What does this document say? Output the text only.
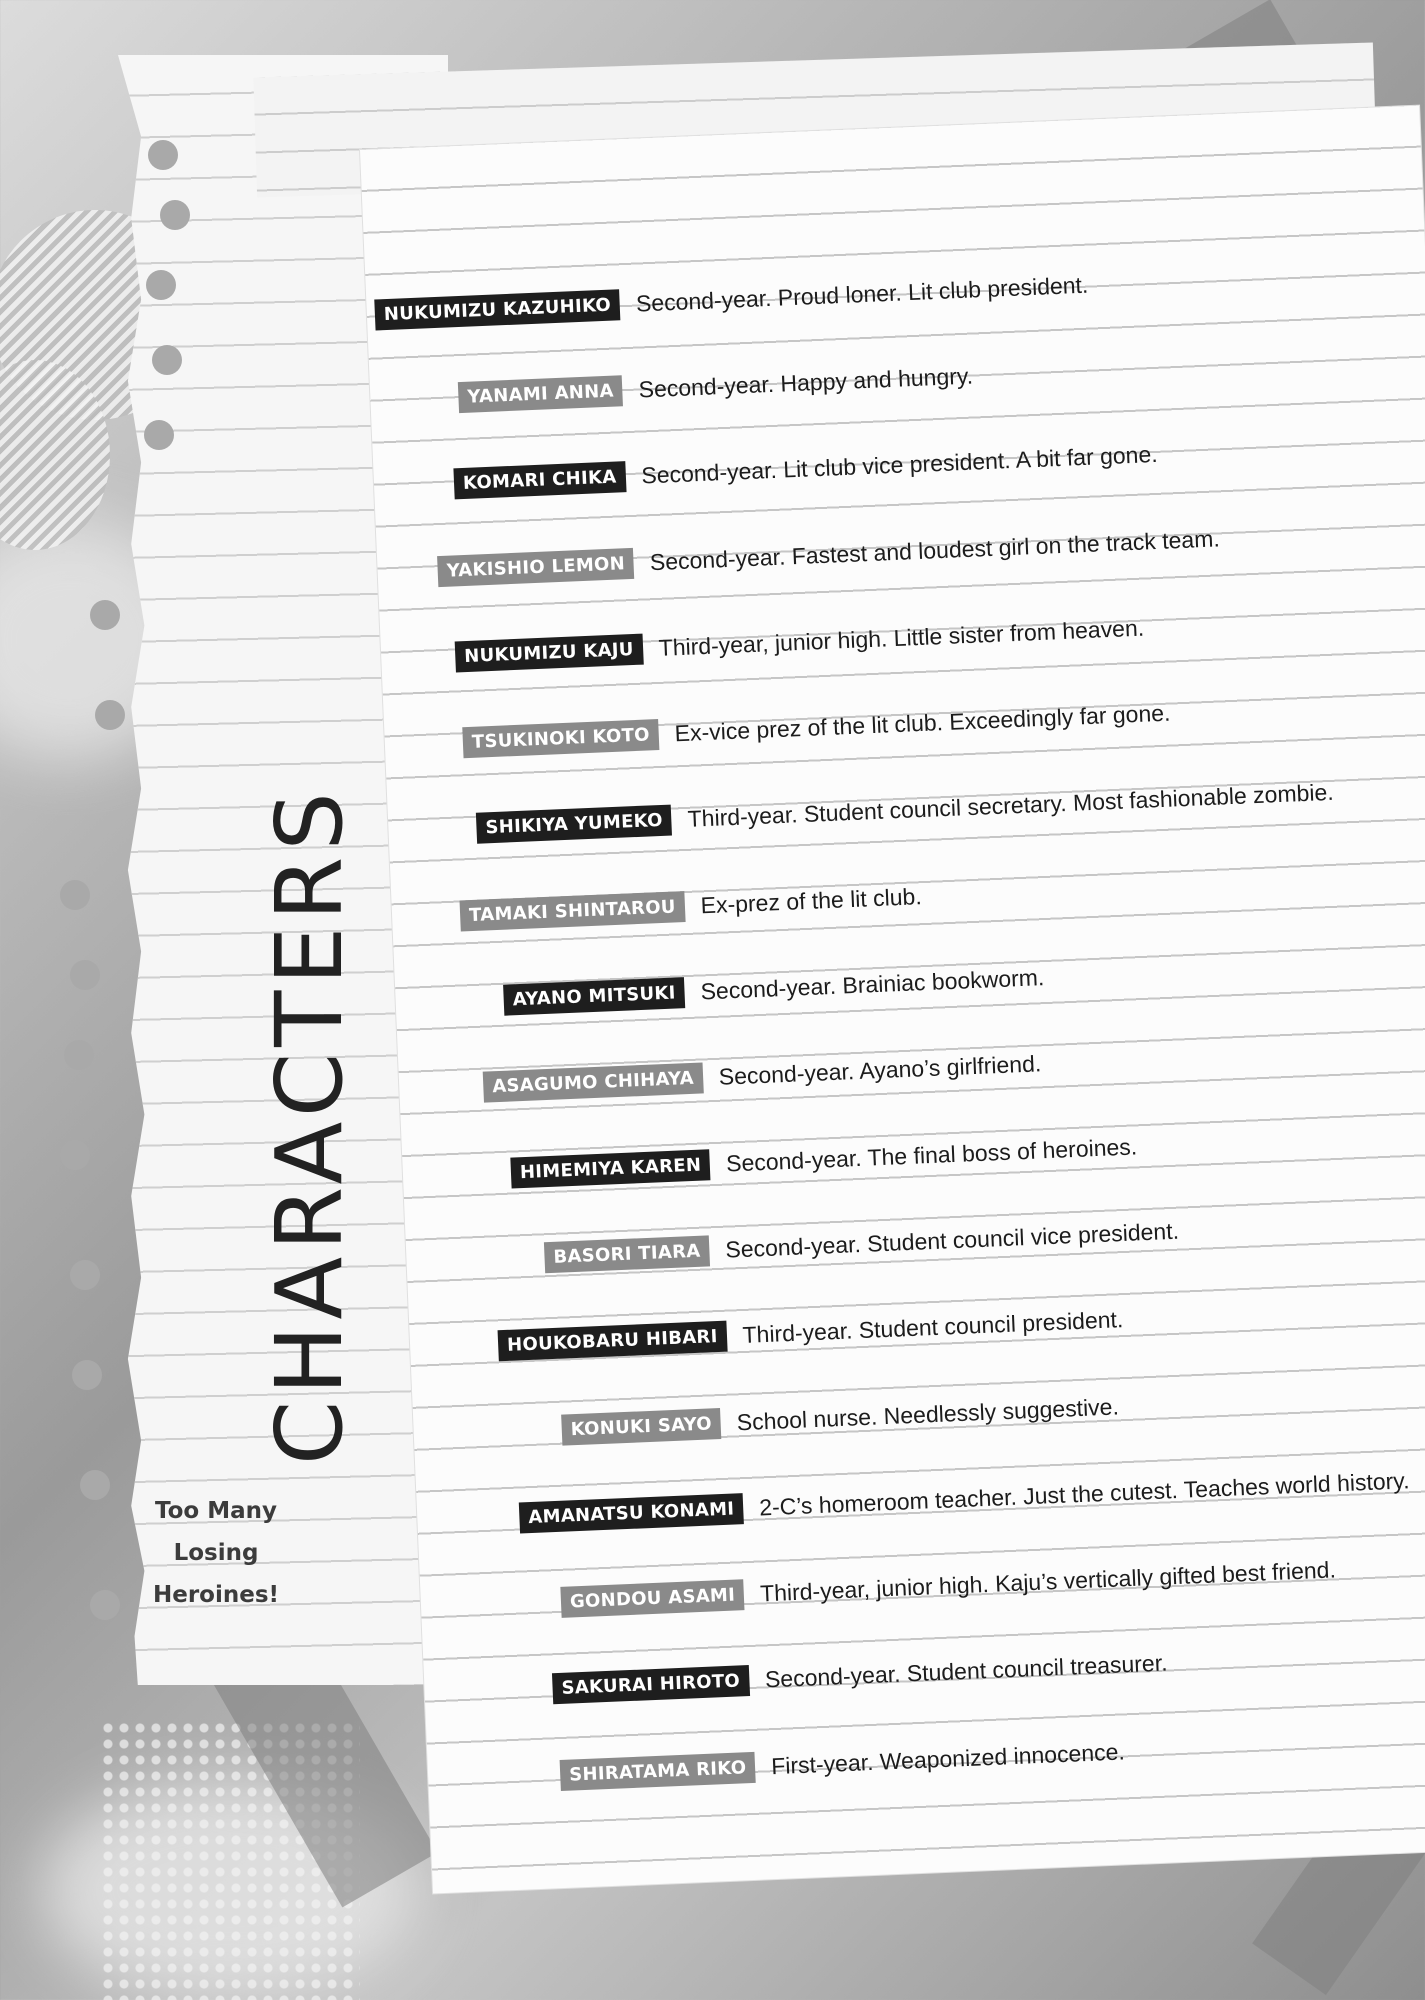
CHARACTERS
Too Many
Losing
Heroines!
NUKUMIZU KAZUHIKO	Second-year. Proud loner. Lit club president.
YANAMI ANNA	Second-year. Happy and hungry.
KOMARI CHIKA	Second-year. Lit club vice president. A bit far gone.
YAKISHIO LEMON	Second-year. Fastest and loudest girl on the track team.
NUKUMIZU KAJU	Third-year, junior high. Little sister from heaven.
TSUKINOKI KOTO	Ex-vice prez of the lit club. Exceedingly far gone.
SHIKIYA YUMEKO	Third-year. Student council secretary. Most fashionable zombie.
TAMAKI SHINTAROU	Ex-prez of the lit club.
AYANO MITSUKI	Second-year. Brainiac bookworm.
ASAGUMO CHIHAYA	Second-year. Ayano’s girlfriend.
HIMEMIYA KAREN	Second-year. The final boss of heroines.
BASORI TIARA	Second-year. Student council vice president.
HOUKOBARU HIBARI	Third-year. Student council president.
KONUKI SAYO	School nurse. Needlessly suggestive.
AMANATSU KONAMI	2-C’s homeroom teacher. Just the cutest. Teaches world history.
GONDOU ASAMI	Third-year, junior high. Kaju’s vertically gifted best friend.
SAKURAI HIROTO	Second-year. Student council treasurer.
SHIRATAMA RIKO	First-year. Weaponized innocence.
